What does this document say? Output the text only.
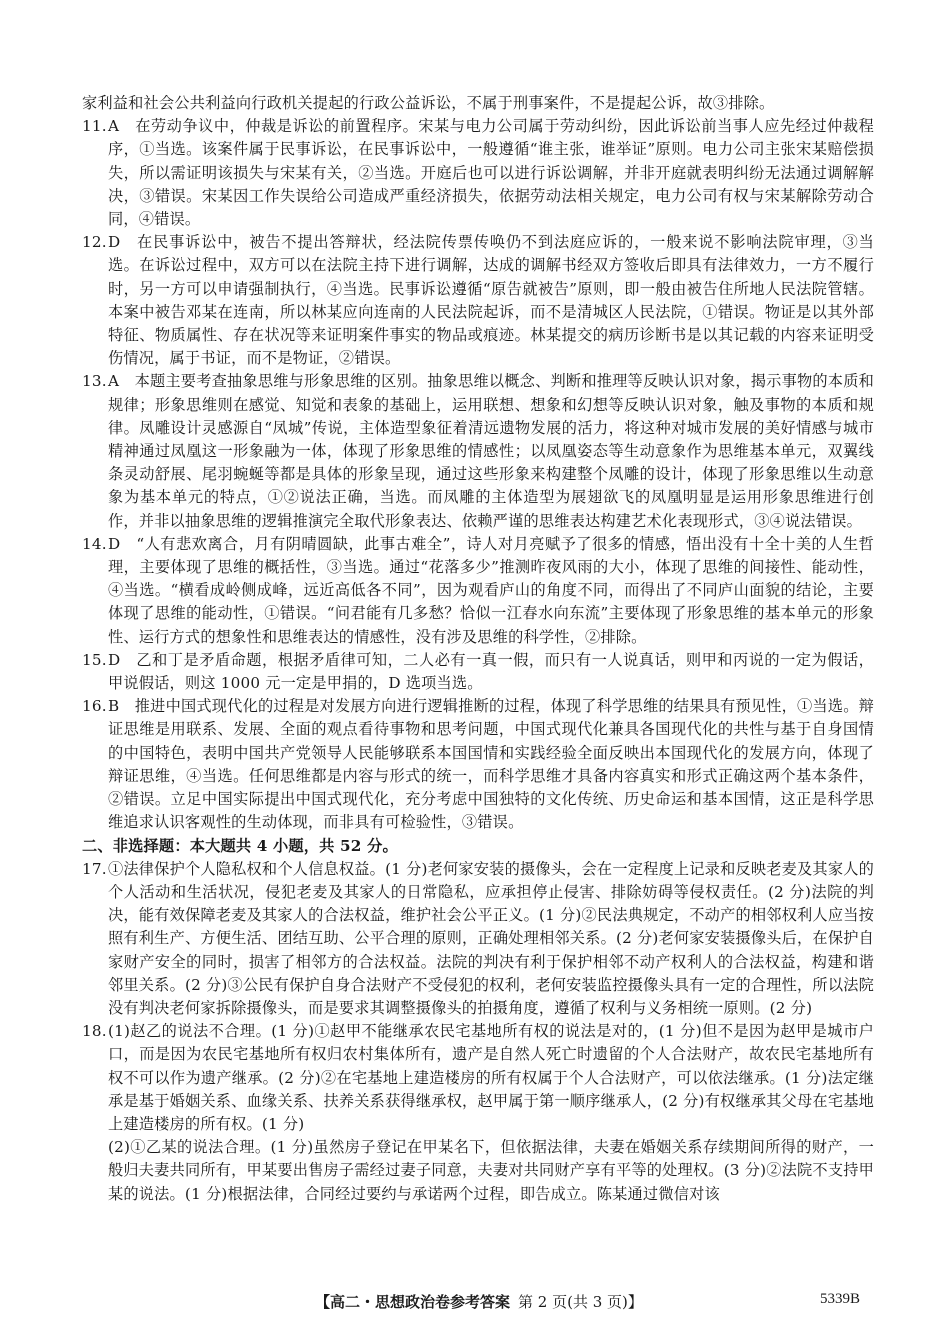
家利益和社会公共利益向行政机关提起的行政公益诉讼，不属于刑事案件，不是提起公诉，故③排除。

11. A　在劳动争议中，仲裁是诉讼的前置程序。宋某与电力公司属于劳动纠纷，因此诉讼前当事人应先经过仲裁程序，①当选。该案件属于民事诉讼，在民事诉讼中，一般遵循“谁主张，谁举证”原则。电力公司主张宋某赔偿损失，所以需证明该损失与宋某有关，②当选。开庭后也可以进行诉讼调解，并非开庭就表明纠纷无法通过调解解决，③错误。宋某因工作失误给公司造成严重经济损失，依据劳动法相关规定，电力公司有权与宋某解除劳动合同，④错误。
12. D　在民事诉讼中，被告不提出答辩状，经法院传票传唤仍不到法庭应诉的，一般来说不影响法院审理，③当选。在诉讼过程中，双方可以在法院主持下进行调解，达成的调解书经双方签收后即具有法律效力，一方不履行时，另一方可以申请强制执行，④当选。民事诉讼遵循“原告就被告”原则，即一般由被告住所地人民法院管辖。本案中被告邓某在连南，所以林某应向连南的人民法院起诉，而不是清城区人民法院，①错误。物证是以其外部特征、物质属性、存在状况等来证明案件事实的物品或痕迹。林某提交的病历诊断书是以其记载的内容来证明受伤情况，属于书证，而不是物证，②错误。
13. A　本题主要考查抽象思维与形象思维的区别。抽象思维以概念、判断和推理等反映认识对象，揭示事物的本质和规律；形象思维则在感觉、知觉和表象的基础上，运用联想、想象和幻想等反映认识对象，触及事物的本质和规律。凤雕设计灵感源自“凤城”传说，主体造型象征着清远遗物发展的活力，将这种对城市发展的美好情感与城市精神通过凤凰这一形象融为一体，体现了形象思维的情感性；以凤凰姿态等生动意象作为思维基本单元，双翼线条灵动舒展、尾羽蜿蜒等都是具体的形象呈现，通过这些形象来构建整个凤雕的设计，体现了形象思维以生动意象为基本单元的特点，①②说法正确，当选。而凤雕的主体造型为展翅欲飞的凤凰明显是运用形象思维进行创作，并非以抽象思维的逻辑推演完全取代形象表达、依赖严谨的思维表达构建艺术化表现形式，③④说法错误。
14. D　“人有悲欢离合，月有阴晴圆缺，此事古难全”，诗人对月亮赋予了很多的情感，悟出没有十全十美的人生哲理，主要体现了思维的概括性，③当选。通过“花落多少”推测昨夜风雨的大小，体现了思维的间接性、能动性，④当选。“横看成岭侧成峰，远近高低各不同”，因为观看庐山的角度不同，而得出了不同庐山面貌的结论，主要体现了思维的能动性，①错误。“问君能有几多愁？恰似一江春水向东流”主要体现了形象思维的基本单元的形象性、运行方式的想象性和思维表达的情感性，没有涉及思维的科学性，②排除。
15. D　乙和丁是矛盾命题，根据矛盾律可知，二人必有一真一假，而只有一人说真话，则甲和丙说的一定为假话，甲说假话，则这 1000 元一定是甲捐的，D 选项当选。
16. B　推进中国式现代化的过程是对发展方向进行逻辑推断的过程，体现了科学思维的结果具有预见性，①当选。辩证思维是用联系、发展、全面的观点看待事物和思考问题，中国式现代化兼具各国现代化的共性与基于自身国情的中国特色，表明中国共产党领导人民能够联系本国国情和实践经验全面反映出本国现代化的发展方向，体现了辩证思维，④当选。任何思维都是内容与形式的统一，而科学思维才具备内容真实和形式正确这两个基本条件，②错误。立足中国实际提出中国式现代化，充分考虑中国独特的文化传统、历史命运和基本国情，这正是科学思维追求认识客观性的生动体现，而非具有可检验性，③错误。

二、非选择题：本大题共 4 小题，共 52 分。

17. ①法律保护个人隐私权和个人信息权益。(1 分)老何家安装的摄像头，会在一定程度上记录和反映老麦及其家人的个人活动和生活状况，侵犯老麦及其家人的日常隐私，应承担停止侵害、排除妨碍等侵权责任。(2 分)法院的判决，能有效保障老麦及其家人的合法权益，维护社会公平正义。(1 分)②民法典规定，不动产的相邻权利人应当按照有利生产、方便生活、团结互助、公平合理的原则，正确处理相邻关系。(2 分)老何家安装摄像头后，在保护自家财产安全的同时，损害了相邻方的合法权益。法院的判决有利于保护相邻不动产权利人的合法权益，构建和谐邻里关系。(2 分)③公民有保护自身合法财产不受侵犯的权利，老何安装监控摄像头具有一定的合理性，所以法院没有判决老何家拆除摄像头，而是要求其调整摄像头的拍摄角度，遵循了权利与义务相统一原则。(2 分)
18. (1)赵乙的说法不合理。(1 分)①赵甲不能继承农民宅基地所有权的说法是对的，(1 分)但不是因为赵甲是城市户口，而是因为农民宅基地所有权归农村集体所有，遗产是自然人死亡时遗留的个人合法财产，故农民宅基地所有权不可以作为遗产继承。(2 分)②在宅基地上建造楼房的所有权属于个人合法财产，可以依法继承。(1 分)法定继承是基于婚姻关系、血缘关系、扶养关系获得继承权，赵甲属于第一顺序继承人，(2 分)有权继承其父母在宅基地上建造楼房的所有权。(1 分)

(2)①乙某的说法合理。(1 分)虽然房子登记在甲某名下，但依据法律，夫妻在婚姻关系存续期间所得的财产，一般归夫妻共同所有，甲某要出售房子需经过妻子同意，夫妻对共同财产享有平等的处理权。(3 分)②法院不支持甲某的说法。(1 分)根据法律，合同经过要约与承诺两个过程，即告成立。陈某通过微信对该

【高二・思想政治卷参考答案 第 2 页(共 3 页)】	5339B
